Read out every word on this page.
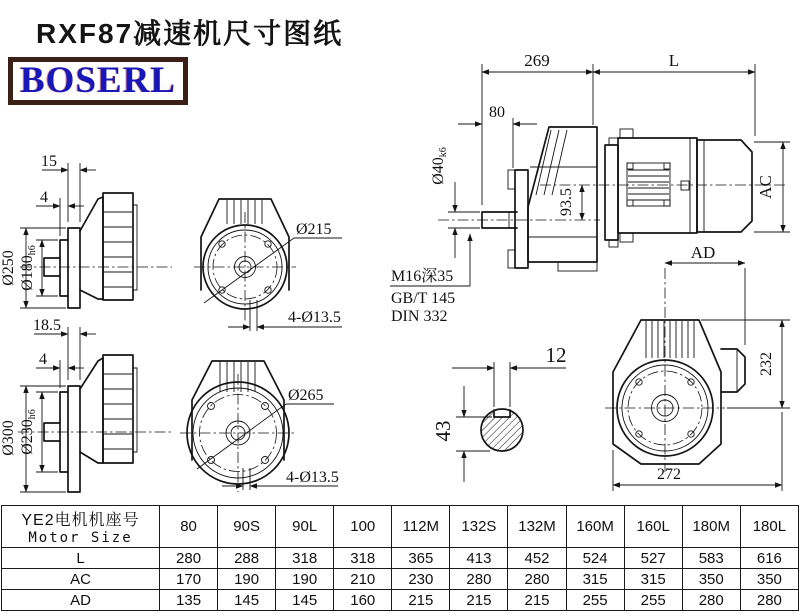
RXF87减速机尺寸图纸
BOSERL
15
4
Ø250 Ø180h6
Ø215
4-Ø13.5
93.5
269	L
80
Ø40k6
AC
M16深35
GB/T 145
DIN 332
18.5
4
Ø300 Ø230h6
Ø265
4-Ø13.5
12
43
AD
232
272
YE2电机机座号
Motor Size	80	90S	90L	100	112M	132S	132M	160M	160L	180M	180L
L	280	288	318	318	365	413	452	524	527	583	616
AC	170	190	190	210	230	280	280	315	315	350	350
AD	135	145	145	160	215	215	215	255	255	280	280
